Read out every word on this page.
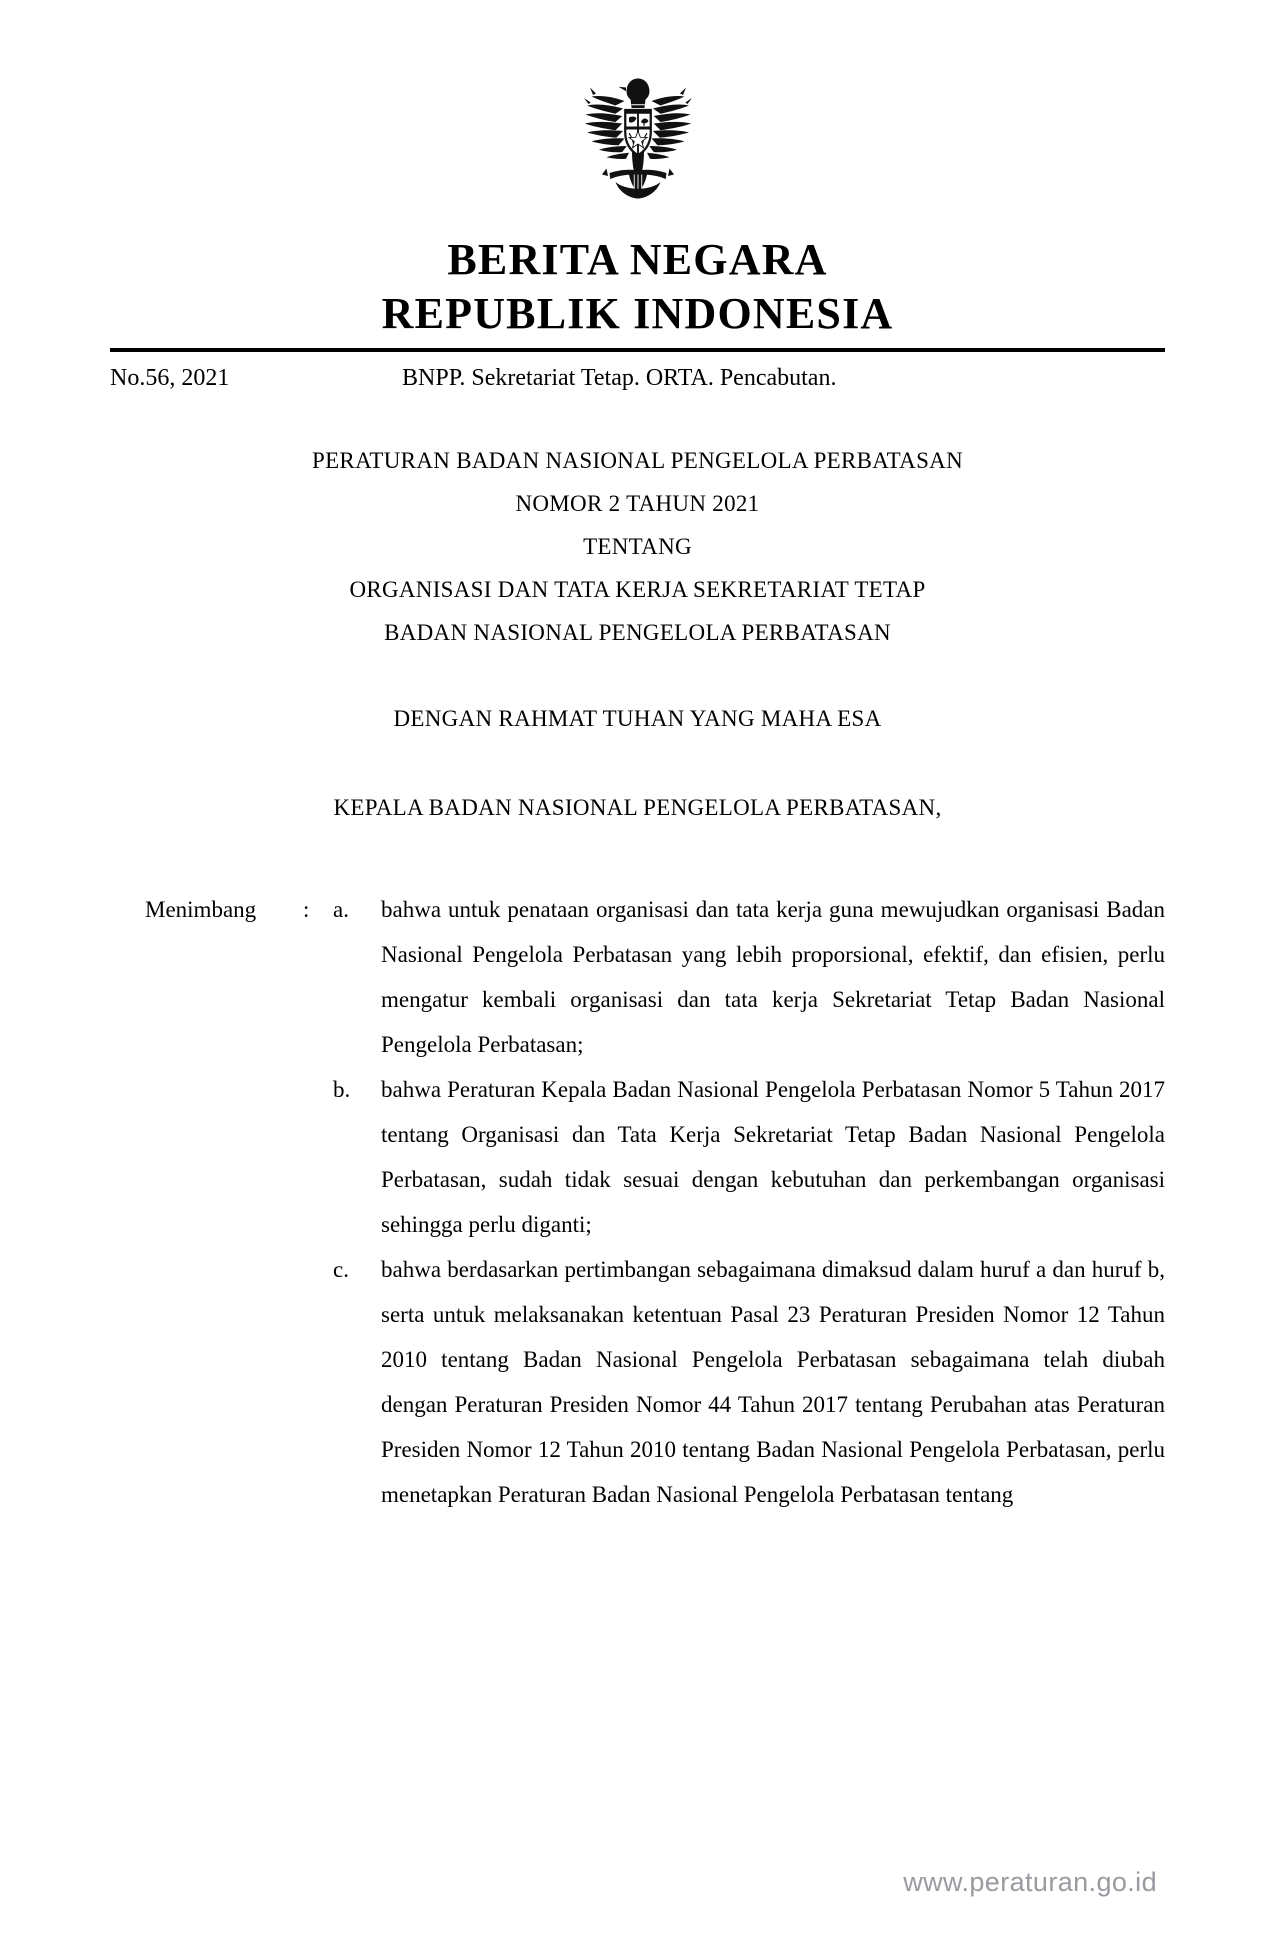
BERITA NEGARA
REPUBLIK INDONESIA
No.56, 2021	BNPP. Sekretariat Tetap. ORTA. Pencabutan.
PERATURAN BADAN NASIONAL PENGELOLA PERBATASAN
NOMOR 2 TAHUN 2021
TENTANG
ORGANISASI DAN TATA KERJA SEKRETARIAT TETAP
BADAN NASIONAL PENGELOLA PERBATASAN
DENGAN RAHMAT TUHAN YANG MAHA ESA
KEPALA BADAN NASIONAL PENGELOLA PERBATASAN,
Menimbang	:	a.	bahwa untuk penataan organisasi dan tata kerja guna mewujudkan organisasi Badan Nasional Pengelola Perbatasan yang lebih proporsional, efektif, dan efisien, perlu mengatur kembali organisasi dan tata kerja Sekretariat Tetap Badan Nasional Pengelola Perbatasan;
b.	bahwa Peraturan Kepala Badan Nasional Pengelola Perbatasan Nomor 5 Tahun 2017 tentang Organisasi dan Tata Kerja Sekretariat Tetap Badan Nasional Pengelola Perbatasan, sudah tidak sesuai dengan kebutuhan dan perkembangan organisasi sehingga perlu diganti;
c.	bahwa berdasarkan pertimbangan sebagaimana dimaksud dalam huruf a dan huruf b, serta untuk melaksanakan ketentuan Pasal 23 Peraturan Presiden Nomor 12 Tahun 2010 tentang Badan Nasional Pengelola Perbatasan sebagaimana telah diubah dengan Peraturan Presiden Nomor 44 Tahun 2017 tentang Perubahan atas Peraturan Presiden Nomor 12 Tahun 2010 tentang Badan Nasional Pengelola Perbatasan, perlu menetapkan Peraturan Badan Nasional Pengelola Perbatasan tentang
www.peraturan.go.id
